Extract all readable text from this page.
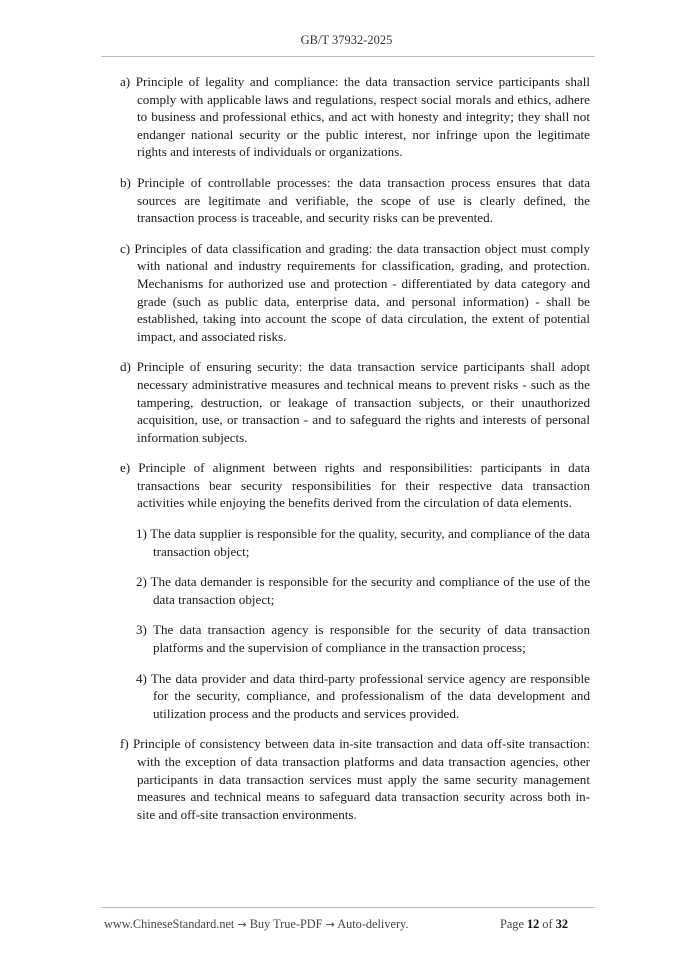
GB/T 37932-2025

a) Principle of legality and compliance: the data transaction service participants shall comply with applicable laws and regulations, respect social morals and ethics, adhere to business and professional ethics, and act with honesty and integrity; they shall not endanger national security or the public interest, nor infringe upon the legitimate rights and interests of individuals or organizations.

b) Principle of controllable processes: the data transaction process ensures that data sources are legitimate and verifiable, the scope of use is clearly defined, the transaction process is traceable, and security risks can be prevented.

c) Principles of data classification and grading: the data transaction object must comply with national and industry requirements for classification, grading, and protection. Mechanisms for authorized use and protection - differentiated by data category and grade (such as public data, enterprise data, and personal information) - shall be established, taking into account the scope of data circulation, the extent of potential impact, and associated risks.

d) Principle of ensuring security: the data transaction service participants shall adopt necessary administrative measures and technical means to prevent risks - such as the tampering, destruction, or leakage of transaction subjects, or their unauthorized acquisition, use, or transaction - and to safeguard the rights and interests of personal information subjects.

e) Principle of alignment between rights and responsibilities: participants in data transactions bear security responsibilities for their respective data transaction activities while enjoying the benefits derived from the circulation of data elements.

1) The data supplier is responsible for the quality, security, and compliance of the data transaction object;

2) The data demander is responsible for the security and compliance of the use of the data transaction object;

3) The data transaction agency is responsible for the security of data transaction platforms and the supervision of compliance in the transaction process;

4) The data provider and data third-party professional service agency are responsible for the security, compliance, and professionalism of the data development and utilization process and the products and services provided.

f) Principle of consistency between data in-site transaction and data off-site transaction: with the exception of data transaction platforms and data transaction agencies, other participants in data transaction services must apply the same security management measures and technical means to safeguard data transaction security across both in-site and off-site transaction environments.

www.ChineseStandard.net → Buy True-PDF → Auto-delivery.	Page 12 of 32
